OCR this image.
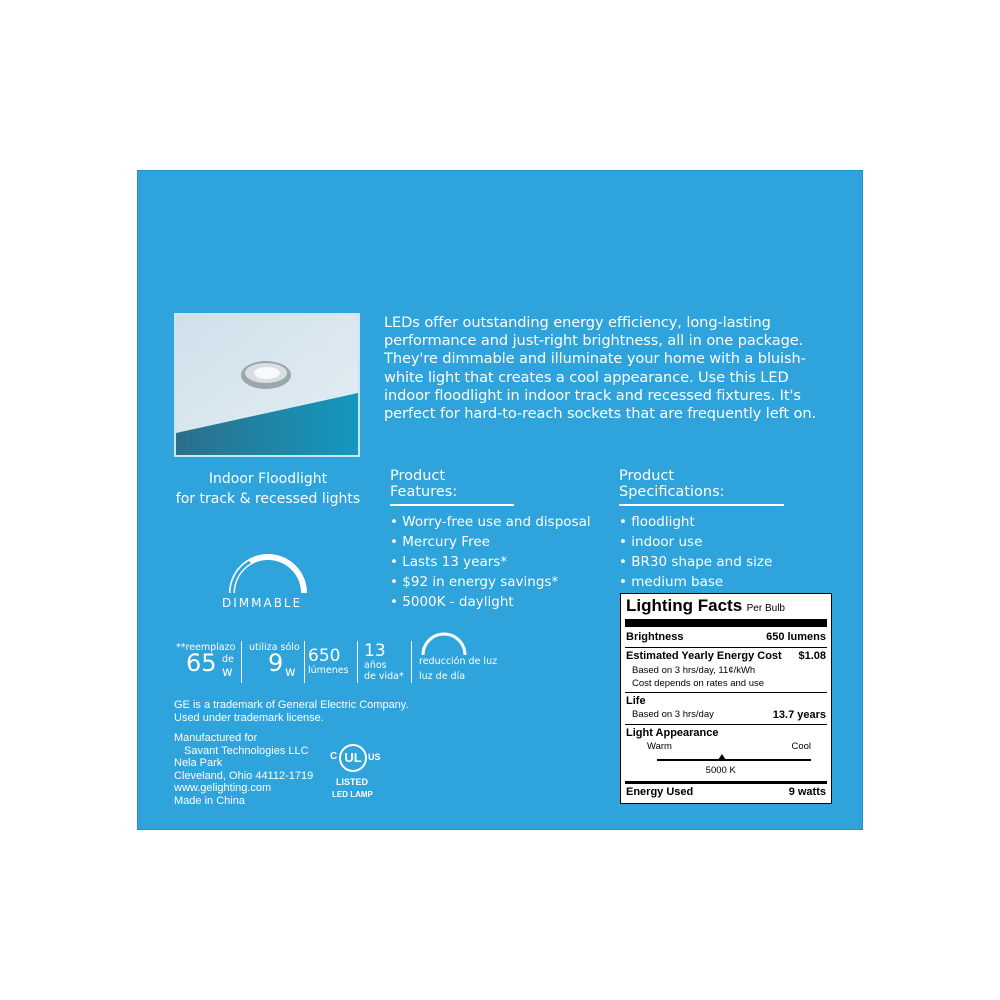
LEDs offer outstanding energy efficiency, long-lasting performance and just-right brightness, all in one package. They're dimmable and illuminate your home with a bluish-white light that creates a cool appearance. Use this LED indoor floodlight in indoor track and recessed fixtures. It's perfect for hard-to-reach sockets that are frequently left on.

Indoor Floodlight
for track & recessed lights
Product Features:
• Worry-free use and disposal
• Mercury Free
• Lasts 13 years*
• $92 in energy savings*
• 5000K - daylight
Product Specifications:
• floodlight
• indoor use
• BR30 shape and size
• medium base
DIMMABLE
**reemplazo
65 de
w
utiliza sólo
9 w
650
lúmenes
13
años
de vida*
reducción de luz
luz de día
GE is a trademark of General Electric Company.
Used under trademark license.
Manufactured for
Savant Technologies LLC
Nela Park
Cleveland, Ohio 44112-1719
www.gelighting.com
Made in China
UL
C	US
LISTED
LED LAMP
Lighting Facts Per Bulb
Brightness	650 lumens
Estimated Yearly Energy Cost $1.08
Based on 3 hrs/day, 11¢/kWh
Cost depends on rates and use
Life
Based on 3 hrs/day	13.7 years
Light Appearance
Warm	Cool
5000 K
Energy Used	9 watts
